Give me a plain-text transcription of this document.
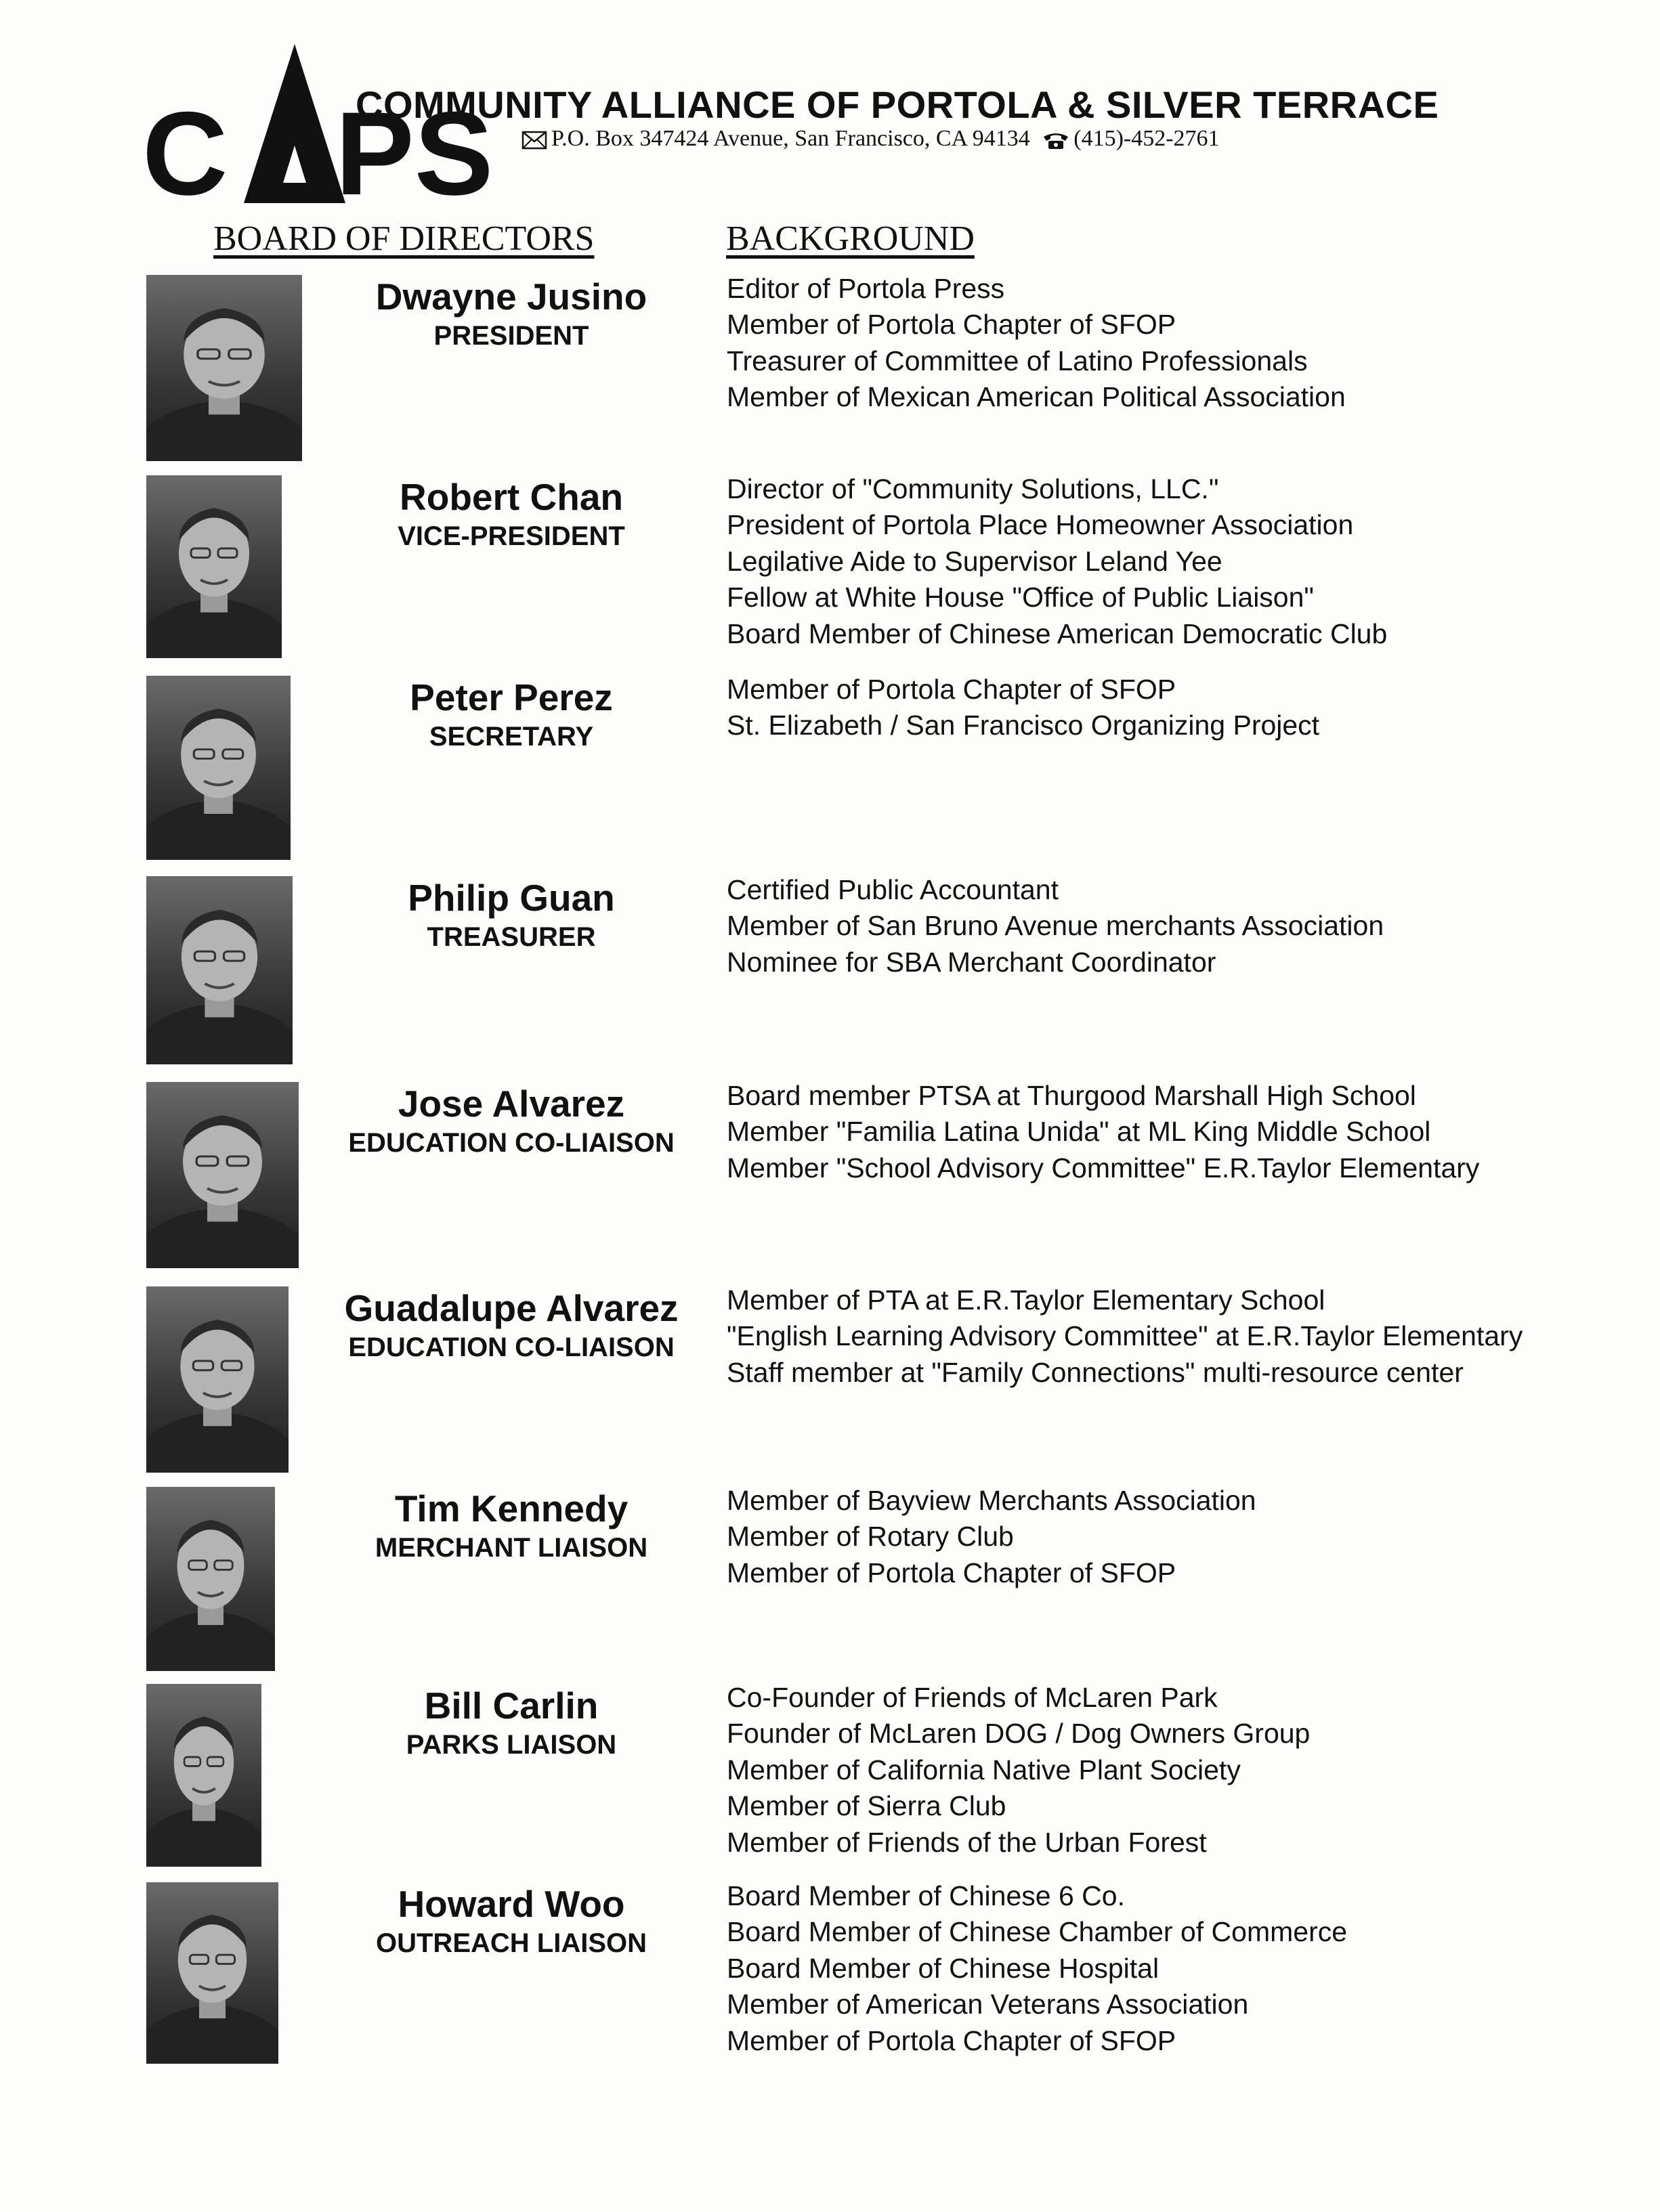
C PS
COMMUNITY ALLIANCE OF PORTOLA & SILVER TERRACE
P.O. Box 347424 Avenue, San Francisco, CA 94134 (415)-452-2761
BOARD OF DIRECTORS	BACKGROUND
Dwayne Jusino
PRESIDENT
Editor of Portola Press
Member of Portola Chapter of SFOP
Treasurer of Committee of Latino Professionals
Member of Mexican American Political Association
Robert Chan
VICE-PRESIDENT
Director of "Community Solutions, LLC."
President of Portola Place Homeowner Association
Legilative Aide to Supervisor Leland Yee
Fellow at White House "Office of Public Liaison"
Board Member of Chinese American Democratic Club
Peter Perez
SECRETARY
Member of Portola Chapter of SFOP
St. Elizabeth / San Francisco Organizing Project
Philip Guan
TREASURER
Certified Public Accountant
Member of San Bruno Avenue merchants Association
Nominee for SBA Merchant Coordinator
Jose Alvarez
EDUCATION CO-LIAISON
Board member PTSA at Thurgood Marshall High School
Member "Familia Latina Unida" at ML King Middle School
Member "School Advisory Committee" E.R.Taylor Elementary
Guadalupe Alvarez
EDUCATION CO-LIAISON
Member of PTA at E.R.Taylor Elementary School
"English Learning Advisory Committee" at E.R.Taylor Elementary
Staff member at "Family Connections" multi-resource center
Tim Kennedy
MERCHANT LIAISON
Member of Bayview Merchants Association
Member of Rotary Club
Member of Portola Chapter of SFOP
Bill Carlin
PARKS LIAISON
Co-Founder of Friends of McLaren Park
Founder of McLaren DOG / Dog Owners Group
Member of California Native Plant Society
Member of Sierra Club
Member of Friends of the Urban Forest
Howard Woo
OUTREACH LIAISON
Board Member of Chinese 6 Co.
Board Member of Chinese Chamber of Commerce
Board Member of Chinese Hospital
Member of American Veterans Association
Member of Portola Chapter of SFOP
